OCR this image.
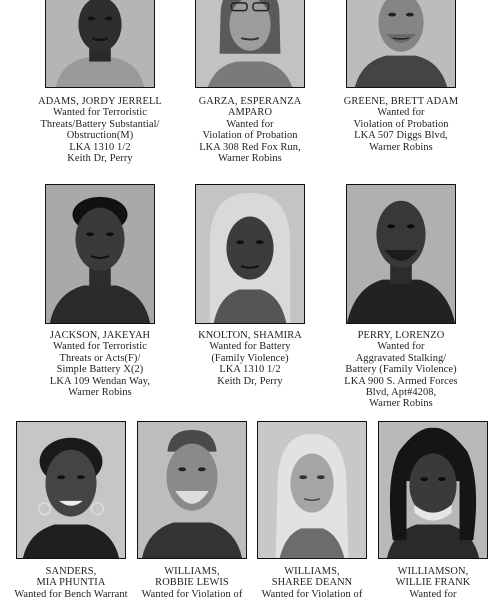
ADAMS, JORDY JERRELL
Wanted for Terroristic
Threats/Battery Substantial/
Obstruction(M)
LKA 1310 1/2
Keith Dr, Perry
GARZA, ESPERANZA
AMPARO
Wanted for
Violation of Probation
LKA 308 Red Fox Run,
Warner Robins
GREENE, BRETT ADAM
Wanted for
Violation of Probation
LKA 507 Diggs Blvd,
Warner Robins
JACKSON, JAKEYAH
Wanted for Terroristic
Threats or Acts(F)/
Simple Battery X(2)
LKA 109 Wendan Way,
Warner Robins
KNOLTON, SHAMIRA
Wanted for Battery
(Family Violence)
LKA 1310 1/2
Keith Dr, Perry
PERRY, LORENZO
Wanted for
Aggravated Stalking/
Battery (Family Violence)
LKA 900 S. Armed Forces
Blvd, Apt#4208,
Warner Robins
SANDERS,
MIA PHUNTIA
Wanted for Bench Warrant
WILLIAMS,
ROBBIE LEWIS
Wanted for Violation of
WILLIAMS,
SHAREE DEANN
Wanted for Violation of
WILLIAMSON,
WILLIE FRANK
Wanted for
